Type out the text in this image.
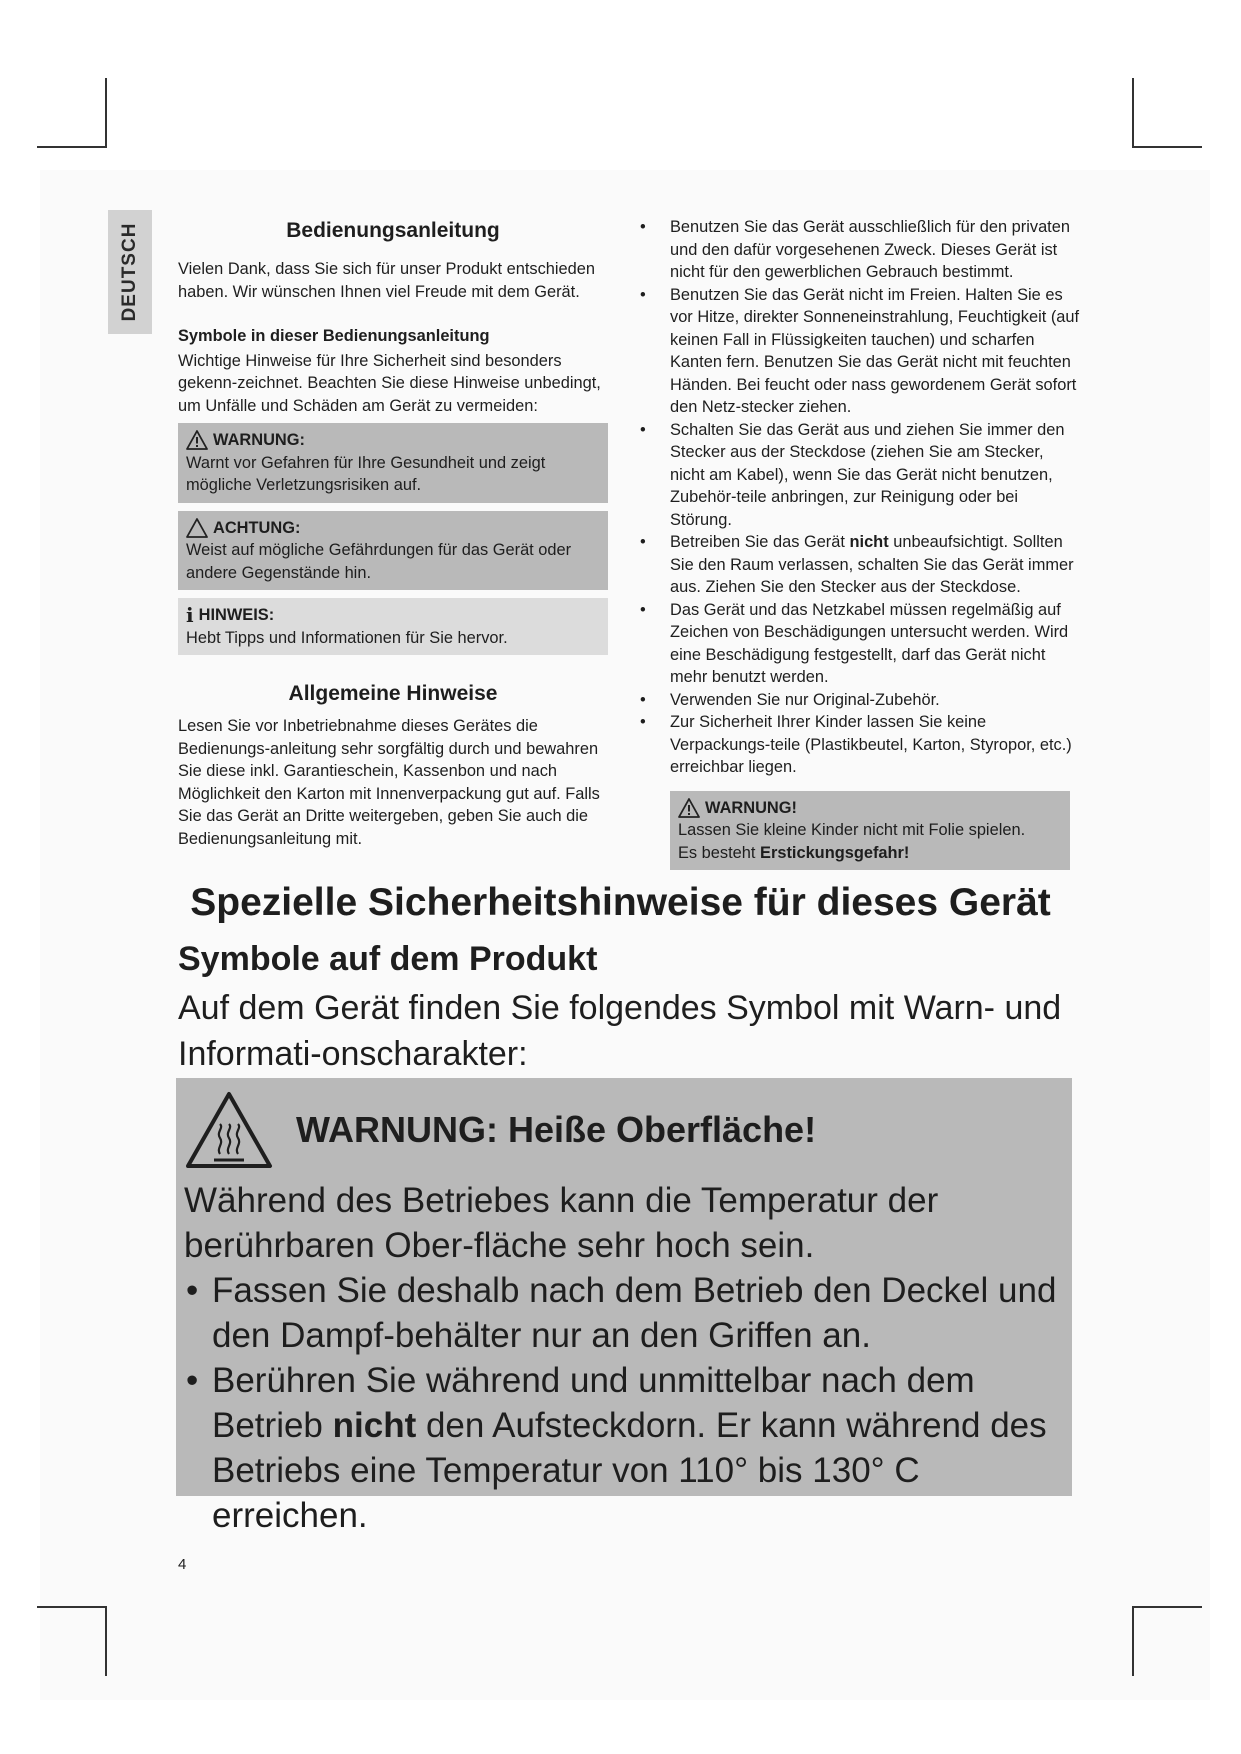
DEUTSCH	Bedienungsanleitung

Vielen Dank, dass Sie sich für unser Produkt entschieden haben. Wir wünschen Ihnen viel Freude mit dem Gerät.

Symbole in dieser Bedienungsanleitung

Wichtige Hinweise für Ihre Sicherheit sind besonders gekenn-zeichnet. Beachten Sie diese Hinweise unbedingt, um Unfälle und Schäden am Gerät zu vermeiden:

WARNUNG:
Warnt vor Gefahren für Ihre Gesundheit und zeigt mögliche Verletzungsrisiken auf.
ACHTUNG:
Weist auf mögliche Gefährdungen für das Gerät oder andere Gegenstände hin.
i HINWEIS:
Hebt Tipps und Informationen für Sie hervor.
Allgemeine Hinweise

Lesen Sie vor Inbetriebnahme dieses Gerätes die Bedienungs-anleitung sehr sorgfältig durch und bewahren Sie diese inkl. Garantieschein, Kassenbon und nach Möglichkeit den Karton mit Innenverpackung gut auf. Falls Sie das Gerät an Dritte weitergeben, geben Sie auch die Bedienungsanleitung mit.

• Benutzen Sie das Gerät ausschließlich für den privaten und den dafür vorgesehenen Zweck. Dieses Gerät ist nicht für den gewerblichen Gebrauch bestimmt.
• Benutzen Sie das Gerät nicht im Freien. Halten Sie es vor Hitze, direkter Sonneneinstrahlung, Feuchtigkeit (auf keinen Fall in Flüssigkeiten tauchen) und scharfen Kanten fern. Benutzen Sie das Gerät nicht mit feuchten Händen. Bei feucht oder nass gewordenem Gerät sofort den Netz-stecker ziehen.
• Schalten Sie das Gerät aus und ziehen Sie immer den Stecker aus der Steckdose (ziehen Sie am Stecker, nicht am Kabel), wenn Sie das Gerät nicht benutzen, Zubehör-teile anbringen, zur Reinigung oder bei Störung.
• Betreiben Sie das Gerät nicht unbeaufsichtigt. Sollten Sie den Raum verlassen, schalten Sie das Gerät immer aus. Ziehen Sie den Stecker aus der Steckdose.
• Das Gerät und das Netzkabel müssen regelmäßig auf Zeichen von Beschädigungen untersucht werden. Wird eine Beschädigung festgestellt, darf das Gerät nicht mehr benutzt werden.
• Verwenden Sie nur Original-Zubehör.
• Zur Sicherheit Ihrer Kinder lassen Sie keine Verpackungs-teile (Plastikbeutel, Karton, Styropor, etc.) erreichbar liegen.
WARNUNG!
Lassen Sie kleine Kinder nicht mit Folie spielen.
Es besteht Erstickungsgefahr!
Spezielle Sicherheitshinweise für dieses Gerät
Symbole auf dem Produkt

Auf dem Gerät finden Sie folgendes Symbol mit Warn- und Informati-onscharakter:

WARNUNG: Heiße Oberfläche!

Während des Betriebes kann die Temperatur der berührbaren Ober-fläche sehr hoch sein.

• Fassen Sie deshalb nach dem Betrieb den Deckel und den Dampf-behälter nur an den Griffen an.
• Berühren Sie während und unmittelbar nach dem Betrieb nicht den Aufsteckdorn. Er kann während des Betriebs eine Temperatur von 110° bis 130° C erreichen.
4
